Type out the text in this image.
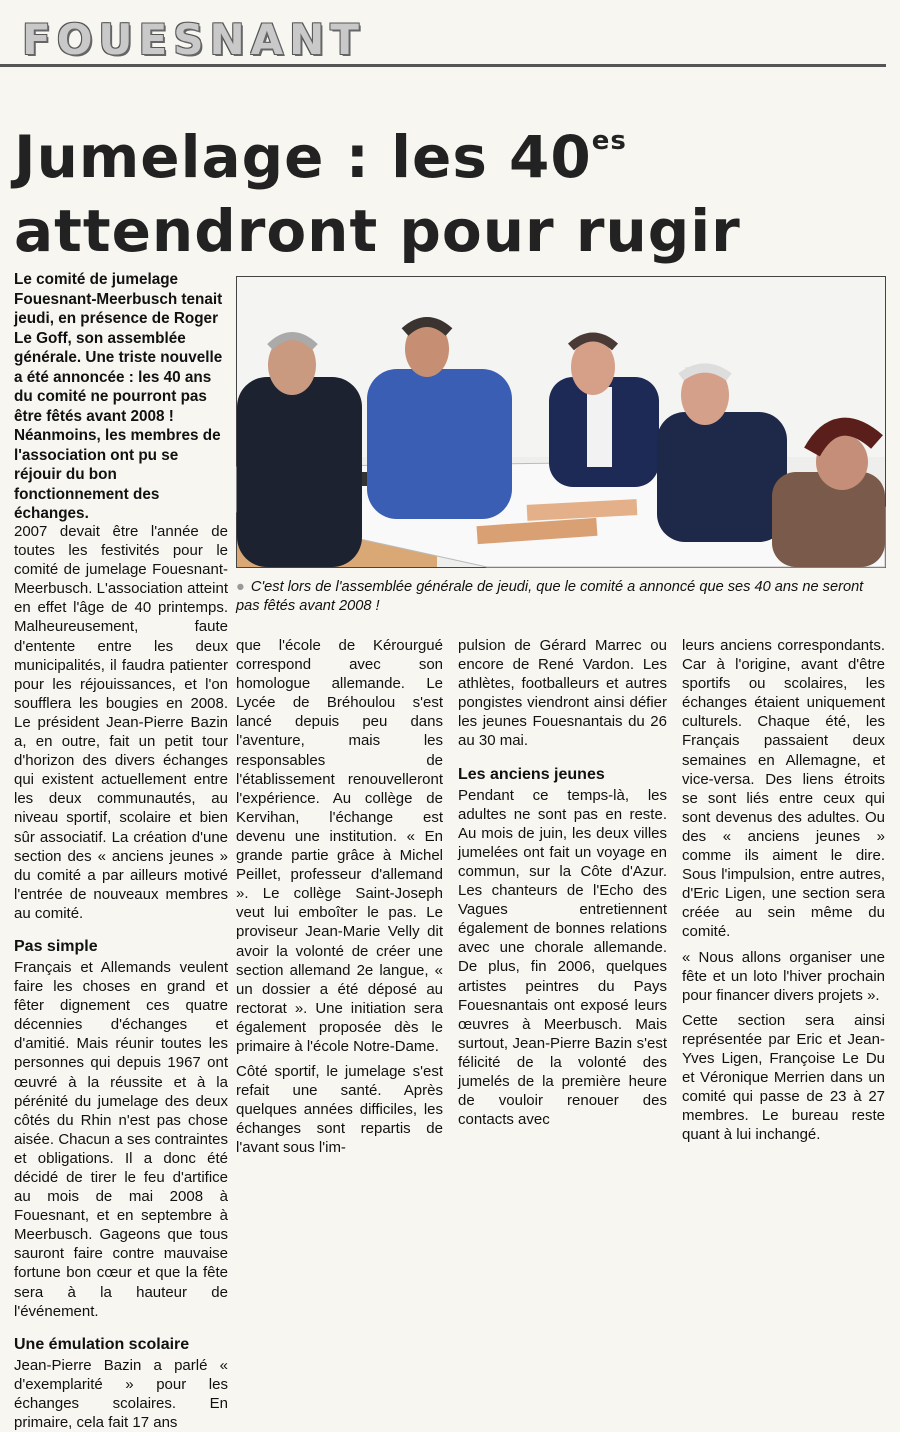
FOUESNANT
Jumelage : les $40^{es}$
attendront pour rugir
Le comité de jumelage Fouesnant-Meerbusch tenait jeudi, en présence de Roger Le Goff, son assemblée générale. Une triste nouvelle a été annoncée : les 40 ans du comité ne pourront pas être fêtés avant 2008 ! Néanmoins, les membres de l'association ont pu se réjouir du bon fonctionnement des échanges.
● C'est lors de l'assemblée générale de jeudi, que le comité a annoncé que ses 40 ans ne seront pas fêtés avant 2008 !

2007 devait être l'année de toutes les festivités pour le comité de jumelage Fouesnant-Meerbusch. L'association atteint en effet l'âge de 40 printemps. Malheureusement, faute d'entente entre les deux municipalités, il faudra patienter pour les réjouissances, et l'on soufflera les bougies en 2008. Le président Jean-Pierre Bazin a, en outre, fait un petit tour d'horizon des divers échanges qui existent actuellement entre les deux communautés, au niveau sportif, scolaire et bien sûr associatif. La création d'une section des « anciens jeunes » du comité a par ailleurs motivé l'entrée de nouveaux membres au comité.

Pas simple

Français et Allemands veulent faire les choses en grand et fêter dignement ces quatre décennies d'échanges et d'amitié. Mais réunir toutes les personnes qui depuis 1967 ont œuvré à la réussite et à la pérénité du jumelage des deux côtés du Rhin n'est pas chose aisée. Chacun a ses contraintes et obligations. Il a donc été décidé de tirer le feu d'artifice au mois de mai 2008 à Fouesnant, et en septembre à Meerbusch. Gageons que tous sauront faire contre mauvaise fortune bon cœur et que la fête sera à la hauteur de l'événement.

Une émulation scolaire

Jean-Pierre Bazin a parlé « d'exemplarité » pour les échanges scolaires. En primaire, cela fait 17 ans

que l'école de Kérourgué correspond avec son homologue allemande. Le Lycée de Bréhoulou s'est lancé depuis peu dans l'aventure, mais les responsables de l'établissement renouvelleront l'expérience. Au collège de Kervihan, l'échange est devenu une institution. « En grande partie grâce à Michel Peillet, professeur d'allemand ». Le collège Saint-Joseph veut lui emboîter le pas. Le proviseur Jean-Marie Velly dit avoir la volonté de créer une section allemand 2e langue, « un dossier a été déposé au rectorat ». Une initiation sera également proposée dès le primaire à l'école Notre-Dame.

Côté sportif, le jumelage s'est refait une santé. Après quelques années difficiles, les échanges sont repartis de l'avant sous l'im-

pulsion de Gérard Marrec ou encore de René Vardon. Les athlètes, footballeurs et autres pongistes viendront ainsi défier les jeunes Fouesnantais du 26 au 30 mai.

Les anciens jeunes

Pendant ce temps-là, les adultes ne sont pas en reste. Au mois de juin, les deux villes jumelées ont fait un voyage en commun, sur la Côte d'Azur. Les chanteurs de l'Echo des Vagues entretiennent également de bonnes relations avec une chorale allemande. De plus, fin 2006, quelques artistes peintres du Pays Fouesnantais ont exposé leurs œuvres à Meerbusch. Mais surtout, Jean-Pierre Bazin s'est félicité de la volonté des jumelés de la première heure de vouloir renouer des contacts avec

leurs anciens correspondants. Car à l'origine, avant d'être sportifs ou scolaires, les échanges étaient uniquement culturels. Chaque été, les Français passaient deux semaines en Allemagne, et vice-versa. Des liens étroits se sont liés entre ceux qui sont devenus des adultes. Ou des « anciens jeunes » comme ils aiment le dire. Sous l'impulsion, entre autres, d'Eric Ligen, une section sera créée au sein même du comité.

« Nous allons organiser une fête et un loto l'hiver prochain pour financer divers projets ».

Cette section sera ainsi représentée par Eric et Jean-Yves Ligen, Françoise Le Du et Véronique Merrien dans un comité qui passe de 23 à 27 membres. Le bureau reste quant à lui inchangé.
